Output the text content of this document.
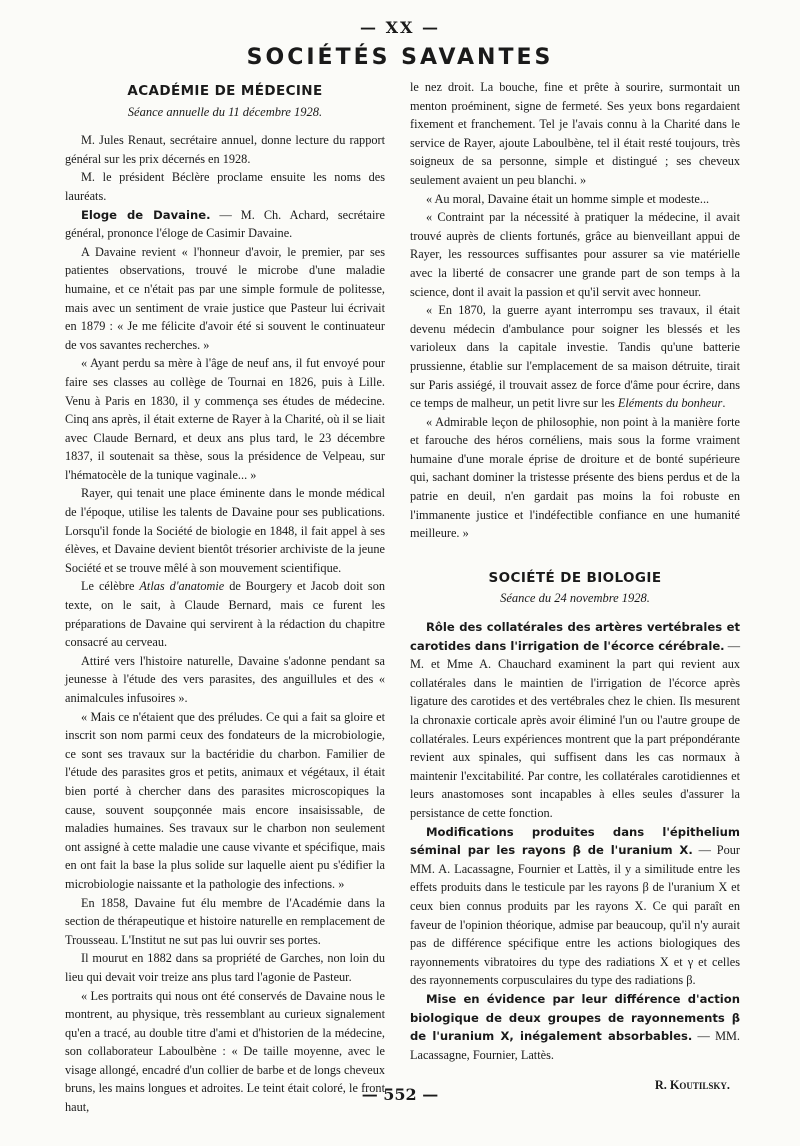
— XX —
SOCIÉTÉS SAVANTES
ACADÉMIE DE MÉDECINE
Séance annuelle du 11 décembre 1928.

M. Jules Renaut, secrétaire annuel, donne lecture du rapport général sur les prix décernés en 1928.

M. le président Béclère proclame ensuite les noms des lauréats.

Eloge de Davaine. — M. Ch. Achard, secrétaire général, prononce l'éloge de Casimir Davaine.

A Davaine revient « l'honneur d'avoir, le premier, par ses patientes observations, trouvé le microbe d'une maladie humaine, et ce n'était pas par une simple formule de politesse, mais avec un sentiment de vraie justice que Pasteur lui écrivait en 1879 : « Je me félicite d'avoir été si souvent le continuateur de vos savantes recherches. »

« Ayant perdu sa mère à l'âge de neuf ans, il fut envoyé pour faire ses classes au collège de Tournai en 1826, puis à Lille. Venu à Paris en 1830, il y commença ses études de médecine. Cinq ans après, il était externe de Rayer à la Charité, où il se liait avec Claude Bernard, et deux ans plus tard, le 23 décembre 1837, il soutenait sa thèse, sous la présidence de Velpeau, sur l'hématocèle de la tunique vaginale... »

Rayer, qui tenait une place éminente dans le monde médical de l'époque, utilise les talents de Davaine pour ses publications. Lorsqu'il fonde la Société de biologie en 1848, il fait appel à ses élèves, et Davaine devient bientôt trésorier archiviste de la jeune Société et se trouve mêlé à son mouvement scientifique.

Le célèbre Atlas d'anatomie de Bourgery et Jacob doit son texte, on le sait, à Claude Bernard, mais ce furent les préparations de Davaine qui servirent à la rédaction du chapitre consacré au cerveau.

Attiré vers l'histoire naturelle, Davaine s'adonne pendant sa jeunesse à l'étude des vers parasites, des anguillules et des « animalcules infusoires ».

« Mais ce n'étaient que des préludes. Ce qui a fait sa gloire et inscrit son nom parmi ceux des fondateurs de la microbiologie, ce sont ses travaux sur la bactéridie du charbon. Familier de l'étude des parasites gros et petits, animaux et végétaux, il était bien porté à chercher dans des parasites microscopiques la cause, souvent soupçonnée mais encore insaisissable, de maladies humaines. Ses travaux sur le charbon non seulement ont assigné à cette maladie une cause vivante et spécifique, mais en ont fait la base la plus solide sur laquelle aient pu s'édifier la microbiologie naissante et la pathologie des infections. »

En 1858, Davaine fut élu membre de l'Académie dans la section de thérapeutique et histoire naturelle en remplacement de Trousseau. L'Institut ne sut pas lui ouvrir ses portes.

Il mourut en 1882 dans sa propriété de Garches, non loin du lieu qui devait voir treize ans plus tard l'agonie de Pasteur.

« Les portraits qui nous ont été conservés de Davaine nous le montrent, au physique, très ressemblant au curieux signalement qu'en a tracé, au double titre d'ami et d'historien de la médecine, son collaborateur Laboulbène : « De taille moyenne, avec le visage allongé, encadré d'un collier de barbe et de longs cheveux bruns, les mains longues et adroites. Le teint était coloré, le front haut,

le nez droit. La bouche, fine et prête à sourire, surmontait un menton proéminent, signe de fermeté. Ses yeux bons regardaient fixement et franchement. Tel je l'avais connu à la Charité dans le service de Rayer, ajoute Laboulbène, tel il était resté toujours, très soigneux de sa personne, simple et distingué ; ses cheveux seulement avaient un peu blanchi. »

« Au moral, Davaine était un homme simple et modeste...

« Contraint par la nécessité à pratiquer la médecine, il avait trouvé auprès de clients fortunés, grâce au bienveillant appui de Rayer, les ressources suffisantes pour assurer sa vie matérielle avec la liberté de consacrer une grande part de son temps à la science, dont il avait la passion et qu'il servit avec honneur.

« En 1870, la guerre ayant interrompu ses travaux, il était devenu médecin d'ambulance pour soigner les blessés et les varioleux dans la capitale investie. Tandis qu'une batterie prussienne, établie sur l'emplacement de sa maison détruite, tirait sur Paris assiégé, il trouvait assez de force d'âme pour écrire, dans ce temps de malheur, un petit livre sur les Eléments du bonheur.

« Admirable leçon de philosophie, non point à la manière forte et farouche des héros cornéliens, mais sous la forme vraiment humaine d'une morale éprise de droiture et de bonté supérieure qui, sachant dominer la tristesse présente des biens perdus et de la patrie en deuil, n'en gardait pas moins la foi robuste en l'immanente justice et l'indéfectible confiance en une humanité meilleure. »

SOCIÉTÉ DE BIOLOGIE
Séance du 24 novembre 1928.

Rôle des collatérales des artères vertébrales et carotides dans l'irrigation de l'écorce cérébrale. — M. et Mme A. Chauchard examinent la part qui revient aux collatérales dans le maintien de l'irrigation de l'écorce après ligature des carotides et des vertébrales chez le chien. Ils mesurent la chronaxie corticale après avoir éliminé l'un ou l'autre groupe de collatérales. Leurs expériences montrent que la part prépondérante revient aux spinales, qui suffisent dans les cas normaux à maintenir l'excitabilité. Par contre, les collatérales carotidiennes et leurs anastomoses sont incapables à elles seules d'assurer la persistance de cette fonction.

Modifications produites dans l'épithelium séminal par les rayons β de l'uranium X. — Pour MM. A. Lacassagne, Fournier et Lattès, il y a similitude entre les effets produits dans le testicule par les rayons β de l'uranium X et ceux bien connus produits par les rayons X. Ce qui paraît en faveur de l'opinion théorique, admise par beaucoup, qu'il n'y aurait pas de différence spécifique entre les actions biologiques des rayonnements vibratoires du type des radiations X et γ et celles des rayonnements corpusculaires du type des radiations β.

Mise en évidence par leur différence d'action biologique de deux groupes de rayonnements β de l'uranium X, inégalement absorbables. — MM. Lacassagne, Fournier, Lattès.

R. Koutilsky.
— 552 —
